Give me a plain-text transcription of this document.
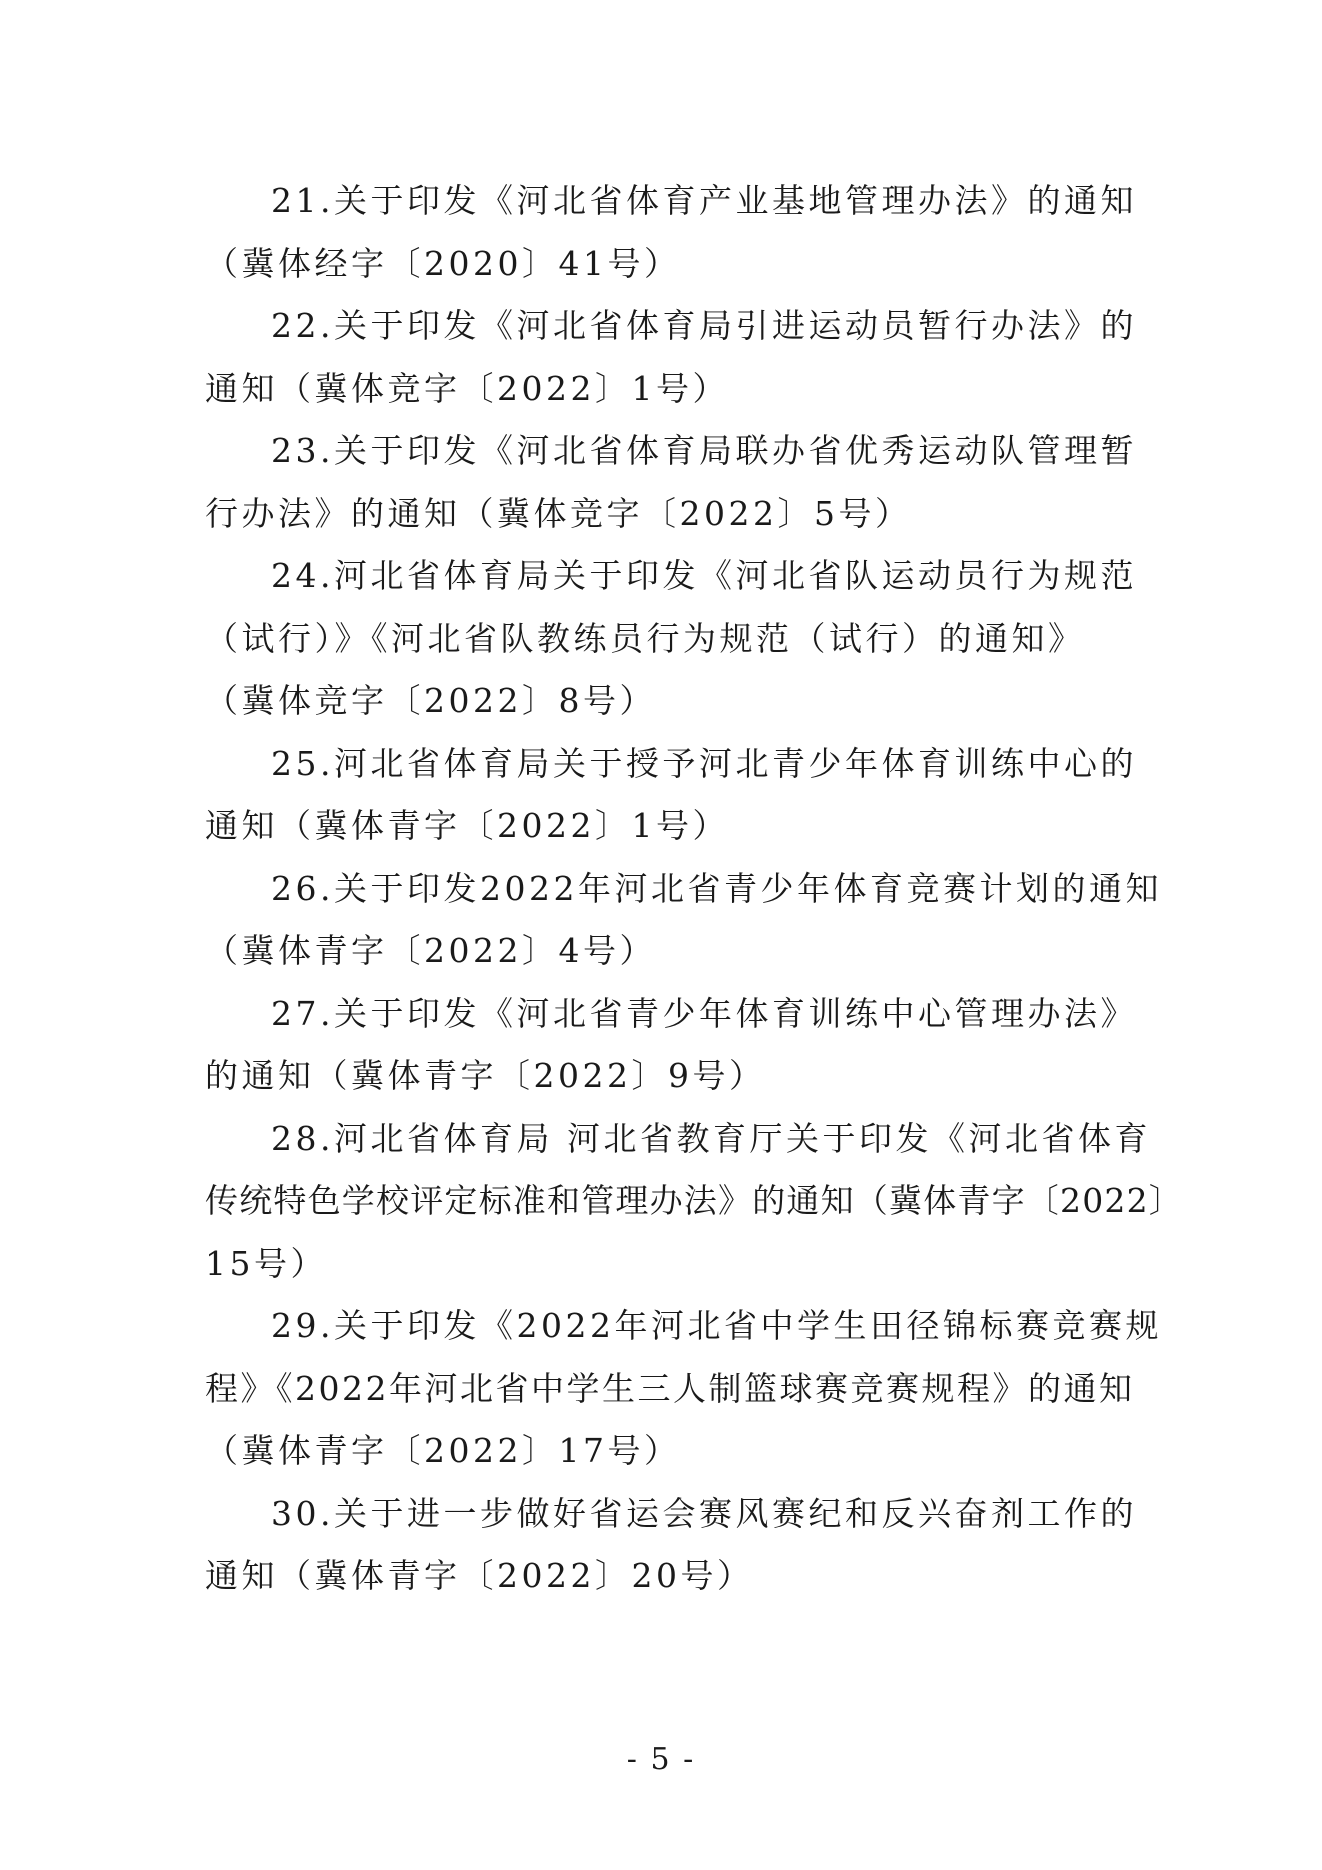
21.关于印发《河北省体育产业基地管理办法》的通知
（冀体经字〔2020〕41号）
22.关于印发《河北省体育局引进运动员暂行办法》的
通知（冀体竞字〔2022〕1号）
23.关于印发《河北省体育局联办省优秀运动队管理暂
行办法》的通知（冀体竞字〔2022〕5号）
24.河北省体育局关于印发《河北省队运动员行为规范
（试行）》《河北省队教练员行为规范（试行）的通知》
（冀体竞字〔2022〕8号）
25.河北省体育局关于授予河北青少年体育训练中心的
通知（冀体青字〔2022〕1号）
26.关于印发2022年河北省青少年体育竞赛计划的通知
（冀体青字〔2022〕4号）
27.关于印发《河北省青少年体育训练中心管理办法》
的通知（冀体青字〔2022〕9号）
28.河北省体育局 河北省教育厅关于印发《河北省体育
传统特色学校评定标准和管理办法》的通知（冀体青字〔2022〕
15号）
29.关于印发《2022年河北省中学生田径锦标赛竞赛规
程》《2022年河北省中学生三人制篮球赛竞赛规程》的通知
（冀体青字〔2022〕17号）
30.关于进一步做好省运会赛风赛纪和反兴奋剂工作的
通知（冀体青字〔2022〕20号）
- 5 -
